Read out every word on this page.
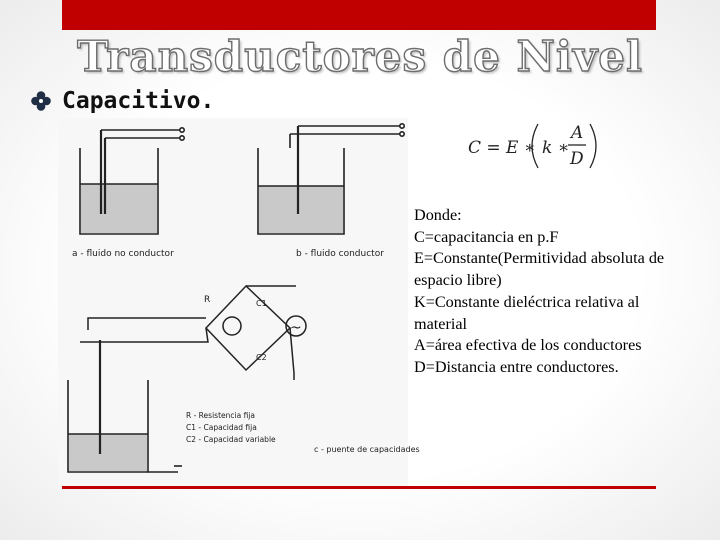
Transductores de Nivel
Capacitivo.
a - fluido no conductor	b - fluido conductor
R	C1
C2
~
R - Resistencia fija
C1 - Capacidad fija
C2 - Capacidad variable
c - puente de capacidades
C = E ∗ k ∗
A
D
Donde:
C=capacitancia en p.F
E=Constante(Permitividad absoluta de espacio libre)
K=Constante dieléctrica relativa al material
A=área efectiva de los conductores
D=Distancia entre conductores.
